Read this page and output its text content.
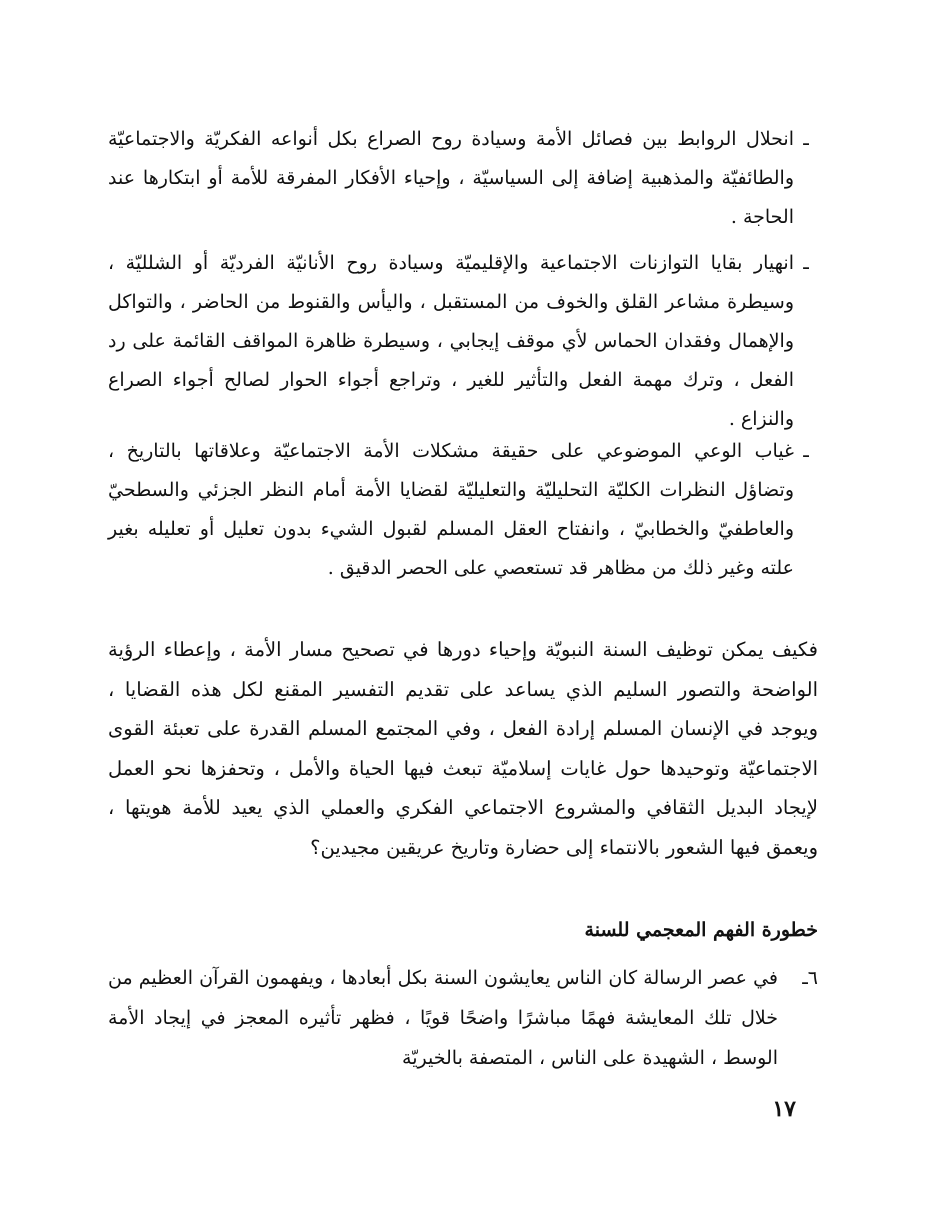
ـ
انحلال الروابط بين فصائل الأمة وسيادة روح الصراع بكل أنواعه الفكريّة والاجتماعيّة والطائفيّة والمذهبية إضافة إلى السياسيّة ، وإحياء الأفكار المفرقة للأمة أو ابتكارها عند الحاجة .
ـ
انهيار بقايا التوازنات الاجتماعية والإقليميّة وسيادة روح الأنانيّة الفرديّة أو الشلليّة ، وسيطرة مشاعر القلق والخوف من المستقبل ، واليأس والقنوط من الحاضر ، والتواكل والإهمال وفقدان الحماس لأي موقف إيجابي ، وسيطرة ظاهرة المواقف القائمة على رد الفعل ، وترك مهمة الفعل والتأثير للغير ، وتراجع أجواء الحوار لصالح أجواء الصراع والنزاع .
ـ
غياب الوعي الموضوعي على حقيقة مشكلات الأمة الاجتماعيّة وعلاقاتها بالتاريخ ، وتضاؤل النظرات الكليّة التحليليّة والتعليليّة لقضايا الأمة أمام النظر الجزئي والسطحيّ والعاطفيّ والخطابيّ ، وانفتاح العقل المسلم لقبول الشيء بدون تعليل أو تعليله بغير علته وغير ذلك من مظاهر قد تستعصي على الحصر الدقيق .
فكيف يمكن توظيف السنة النبويّة وإحياء دورها في تصحيح مسار الأمة ، وإعطاء الرؤية الواضحة والتصور السليم الذي يساعد على تقديم التفسير المقنع لكل هذه القضايا ، ويوجد في الإنسان المسلم إرادة الفعل ، وفي المجتمع المسلم القدرة على تعبئة القوى الاجتماعيّة وتوحيدها حول غايات إسلاميّة تبعث فيها الحياة والأمل ، وتحفزها نحو العمل لإيجاد البديل الثقافي والمشروع الاجتماعي الفكري والعملي الذي يعيد للأمة هويتها ، ويعمق فيها الشعور بالانتماء إلى حضارة وتاريخ عريقين مجيدين؟
خطورة الفهم المعجمي للسنة
٦ـ
في عصر الرسالة كان الناس يعايشون السنة بكل أبعادها ، ويفهمون القرآن العظيم من خلال تلك المعايشة فهمًا مباشرًا واضحًا قويًا ، فظهر تأثيره المعجز في إيجاد الأمة الوسط ، الشهيدة على الناس ، المتصفة بالخيريّة
١٧
